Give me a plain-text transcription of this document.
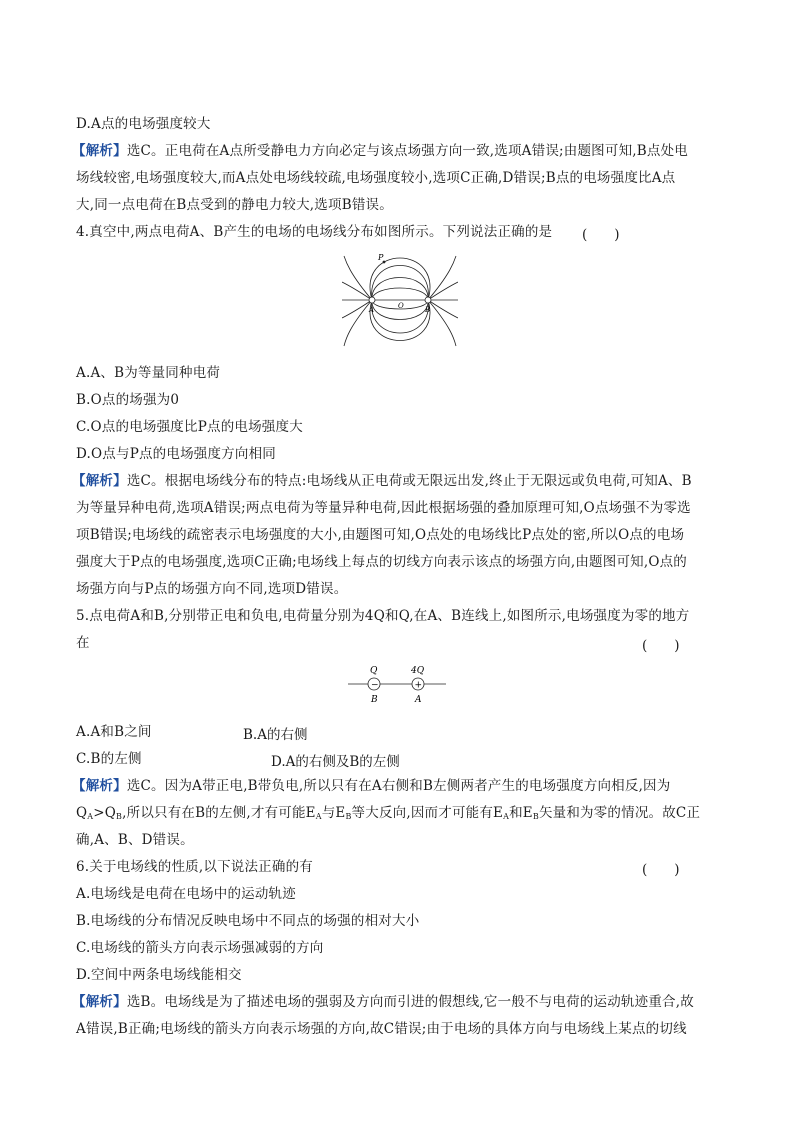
D.A点的电场强度较大
【解析】选C。正电荷在A点所受静电力方向必定与该点场强方向一致,选项A错误;由题图可知,B点处电
场线较密,电场强度较大,而A点处电场线较疏,电场强度较小,选项C正确,D错误;B点的电场强度比A点
大,同一点电荷在B点受到的静电力较大,选项B错误。
4.真空中,两点电荷A、B产生的电场的电场线分布如图所示。下列说法正确的是	(　　)
P
A	O	B
A.A、B为等量同种电荷
B.O点的场强为0
C.O点的电场强度比P点的电场强度大
D.O点与P点的电场强度方向相同
【解析】选C。根据电场线分布的特点:电场线从正电荷或无限远出发,终止于无限远或负电荷,可知A、B
为等量异种电荷,选项A错误;两点电荷为等量异种电荷,因此根据场强的叠加原理可知,O点场强不为零选
项B错误;电场线的疏密表示电场强度的大小,由题图可知,O点处的电场线比P点处的密,所以O点的电场
强度大于P点的电场强度,选项C正确;电场线上每点的切线方向表示该点的场强方向,由题图可知,O点的
场强方向与P点的场强方向不同,选项D错误。
5.点电荷A和B,分别带正电和负电,电荷量分别为4Q和Q,在A、B连线上,如图所示,电场强度为零的地方
在	(　　)
−	+
Q	4Q
B	A
A.A和B之间	B.A的右侧
C.B的左侧	D.A的右侧及B的左侧
【解析】选C。因为A带正电,B带负电,所以只有在A右侧和B左侧两者产生的电场强度方向相反,因为
$Q_A>Q_B$,所以只有在B的左侧,才有可能$E_A$与$E_B$等大反向,因而才可能有$E_A$和$E_B$矢量和为零的情况。故C正
确,A、B、D错误。
6.关于电场线的性质,以下说法正确的有	(　　)
A.电场线是电荷在电场中的运动轨迹
B.电场线的分布情况反映电场中不同点的场强的相对大小
C.电场线的箭头方向表示场强减弱的方向
D.空间中两条电场线能相交
【解析】选B。电场线是为了描述电场的强弱及方向而引进的假想线,它一般不与电荷的运动轨迹重合,故
A错误,B正确;电场线的箭头方向表示场强的方向,故C错误;由于电场的具体方向与电场线上某点的切线
